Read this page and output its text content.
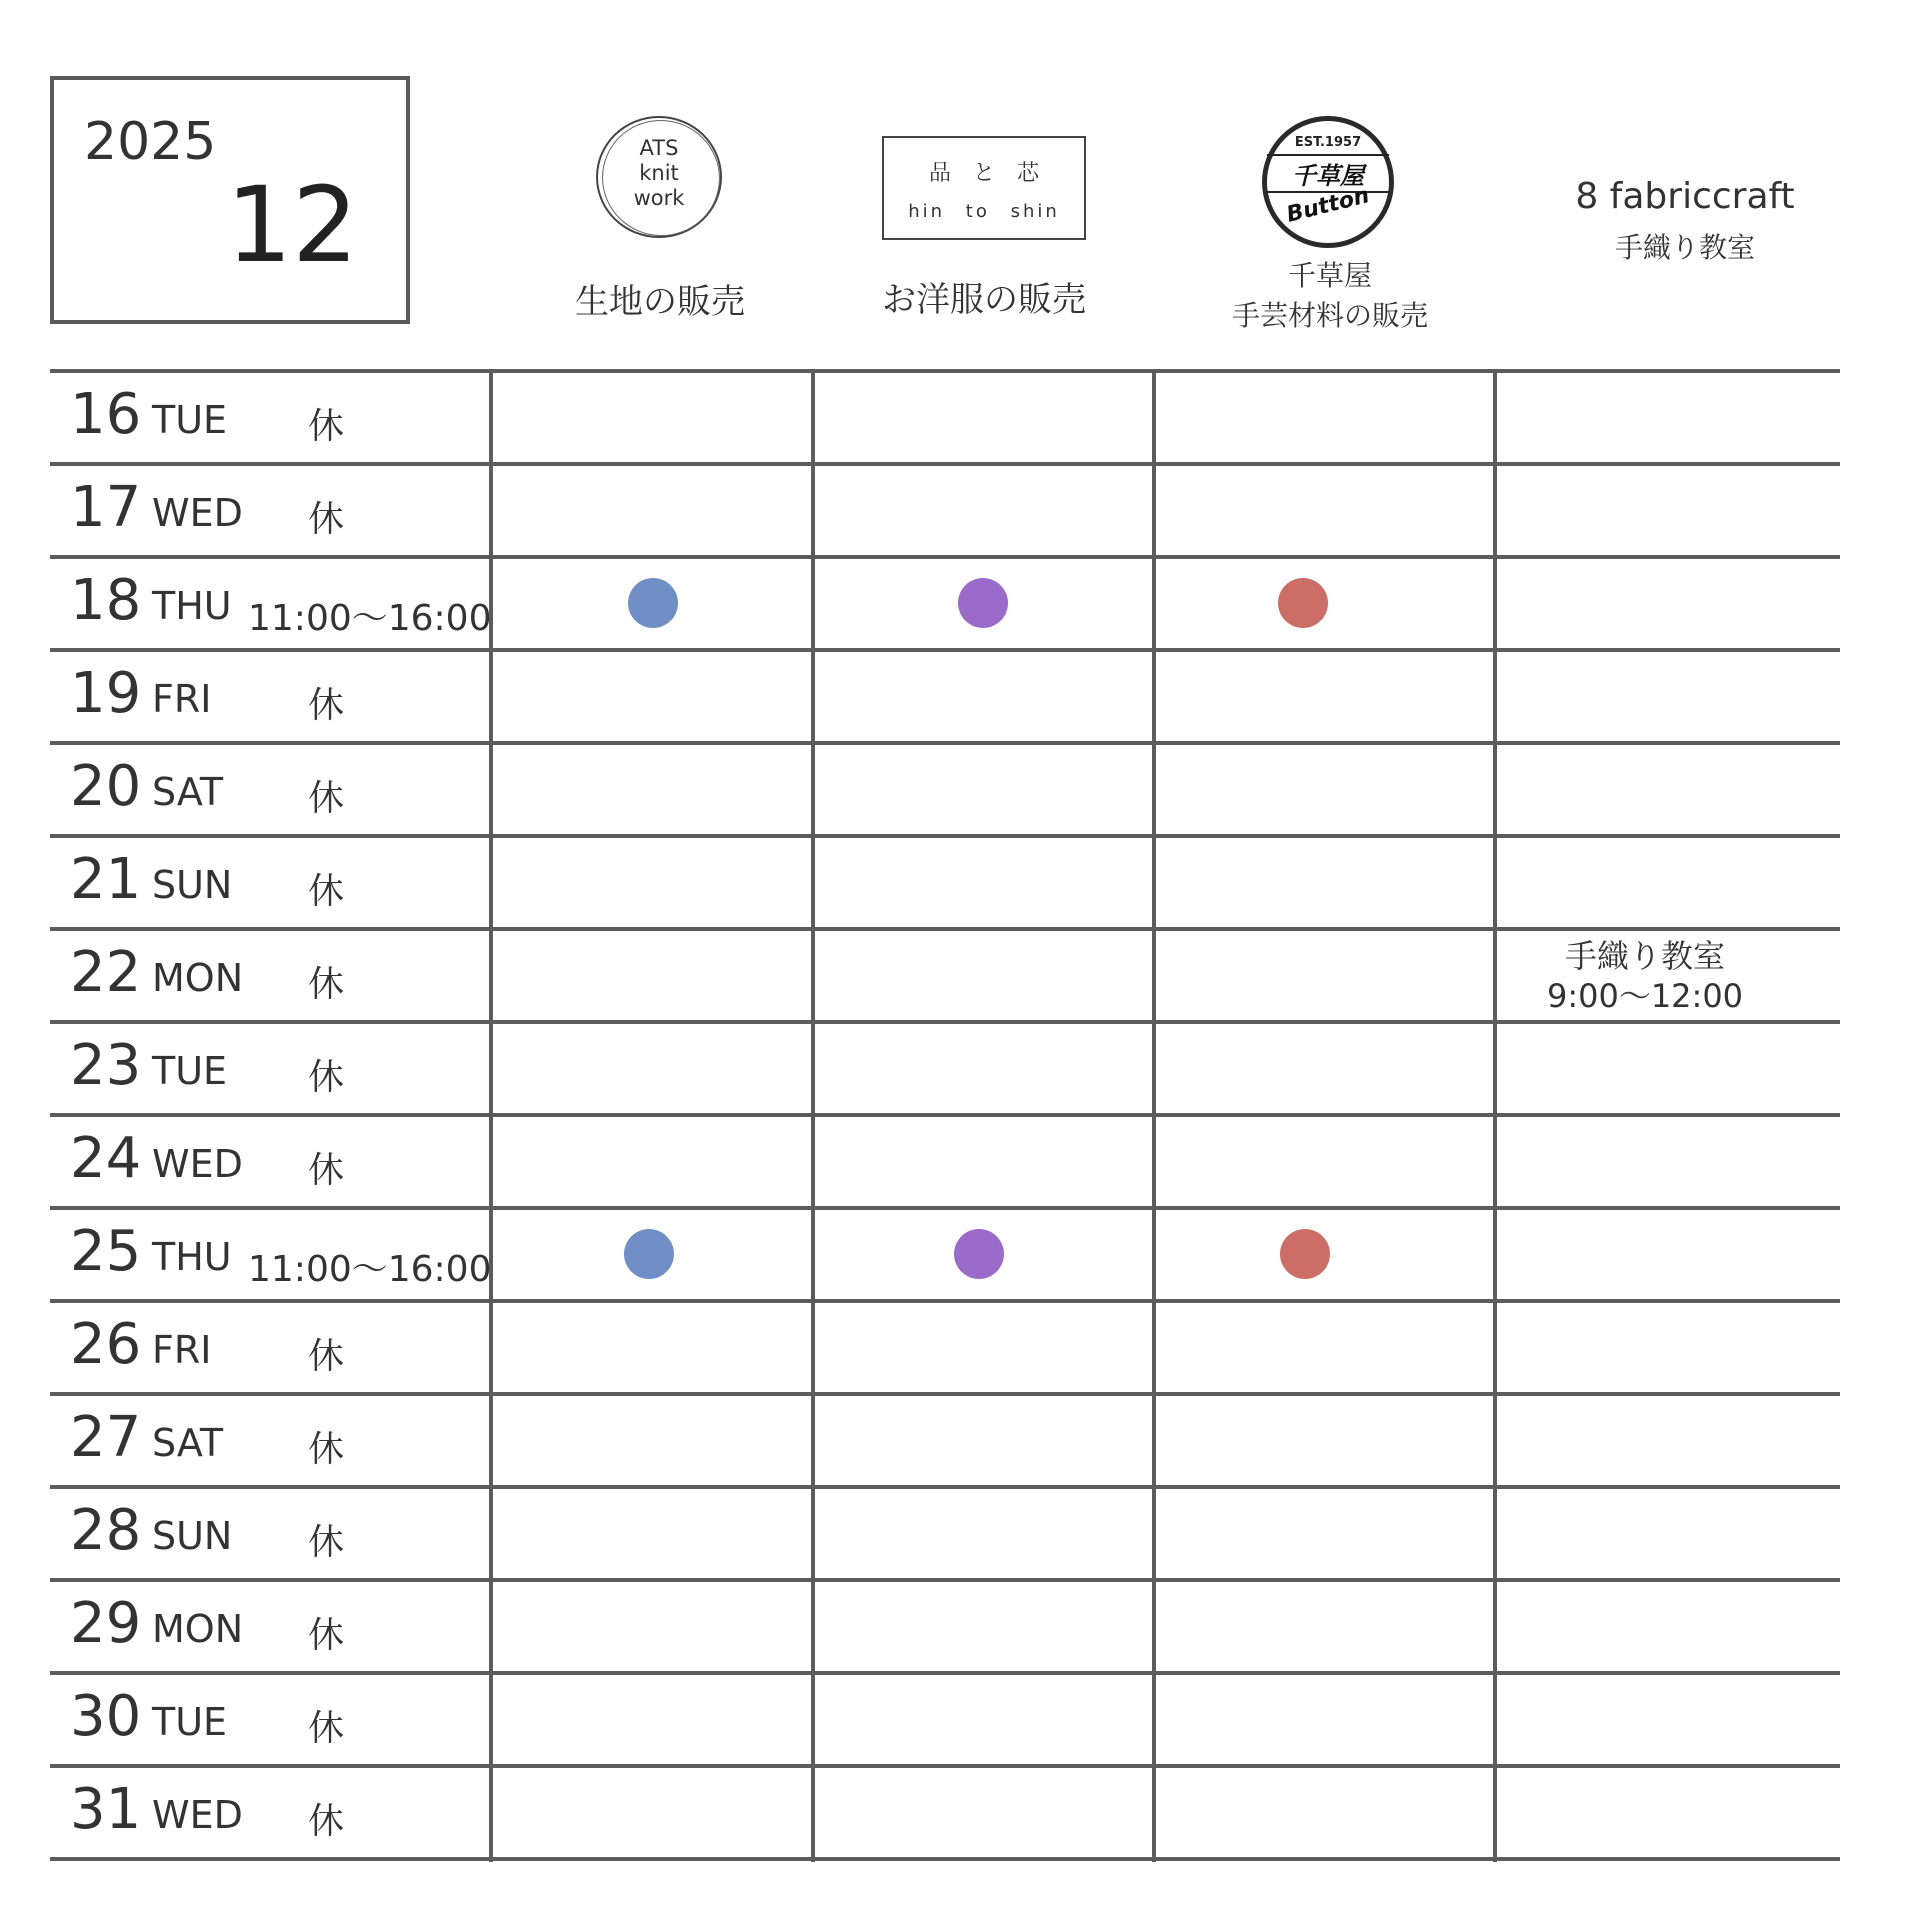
2025
12
ATS
knit
work
生地の販売
品と芯
hin to shin
お洋服の販売
EST.1957
千草屋
Button
千草屋
手芸材料の販売
8 fabriccraft
手織り教室
16 TUE 休
17 WED 休
18 THU 11:00〜16:00
19 FRI	休
20 SAT 休
21 SUN 休
22 MON 休
手織り教室
9:00〜12:00
23 TUE 休
24 WED 休
25 THU 11:00〜16:00
26 FRI	休
27 SAT 休
28 SUN 休
29 MON 休
30 TUE 休
31 WED 休
